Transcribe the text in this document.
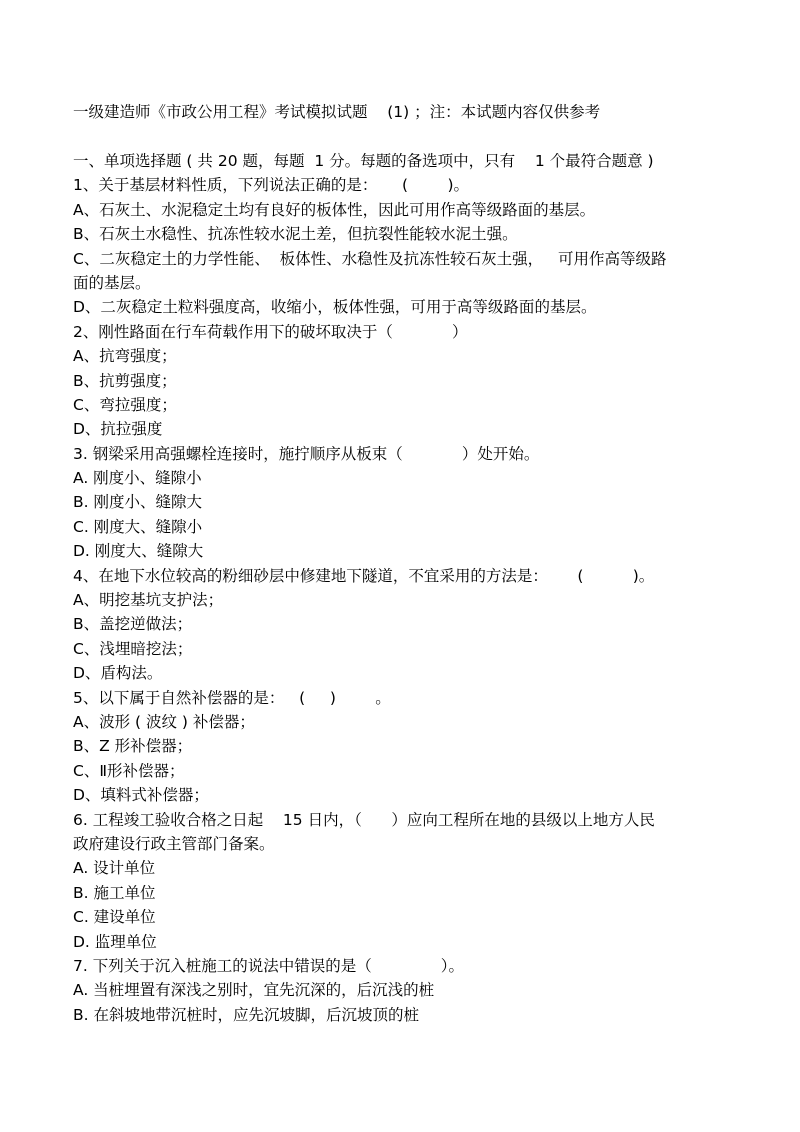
一级建造师《市政公用工程》考试模拟试题    (1) ；注：本试题内容仅供参考
一、单项选择题 ( 共 20 题，每题  1 分。每题的备选项中，只有    1 个最符合题意 )
1、关于基层材料性质，下列说法正确的是：     (        )。
A、石灰土、水泥稳定土均有良好的板体性，因此可用作高等级路面的基层。
B、石灰土水稳性、抗冻性较水泥土差，但抗裂性能较水泥土强。
C、二灰稳定土的力学性能、  板体性、水稳性及抗冻性较石灰土强，   可用作高等级路
面的基层。
D、二灰稳定土粒料强度高，收缩小，板体性强，可用于高等级路面的基层。
2、刚性路面在行车荷载作用下的破坏取决于（            ）
A、抗弯强度；
B、抗剪强度；
C、弯拉强度；
D、抗拉强度
3. 钢梁采用高强螺栓连接时，施拧顺序从板束（            ）处开始。
A. 刚度小、缝隙小
B. 刚度小、缝隙大
C. 刚度大、缝隙小
D. 刚度大、缝隙大
4、在地下水位较高的粉细砂层中修建地下隧道，不宜采用的方法是：      (          )。
A、明挖基坑支护法；
B、盖挖逆做法；
C、浅埋暗挖法；
D、盾构法。
5、以下属于自然补偿器的是：   (     )        。
A、波形 ( 波纹 ) 补偿器；
B、Z 形补偿器；
C、Ⅱ形补偿器；
D、填料式补偿器；
6. 工程竣工验收合格之日起    15 日内，（      ）应向工程所在地的县级以上地方人民
政府建设行政主管部门备案。
A. 设计单位
B. 施工单位
C. 建设单位
D. 监理单位
7. 下列关于沉入桩施工的说法中错误的是（              ）。
A. 当桩埋置有深浅之别时，宜先沉深的，后沉浅的桩
B. 在斜坡地带沉桩时，应先沉坡脚，后沉坡顶的桩
